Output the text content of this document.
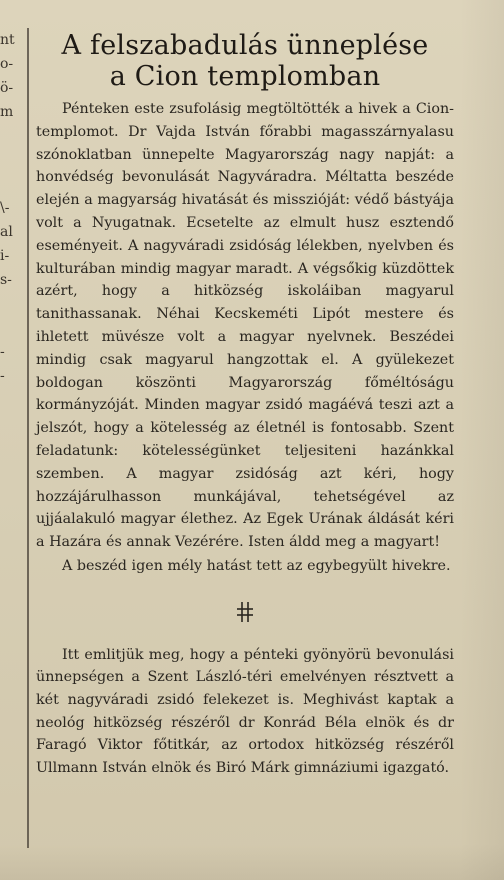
nt
o-
ö-
m
\-
al
i-
s-
-
-
A felszabadulás ünneplése
a Cion templomban

Pénteken este zsufolásig megtöltötték a hivek a Cion-templomot. Dr Vajda István főrabbi magasszárnyalasu szónoklatban ünnepelte Magyarország nagy napját: a honvédség bevonulását Nagyváradra. Méltatta beszéde elején a magyarság hivatását és misszióját: védő bástyája volt a Nyugatnak. Ecsetelte az elmult husz esztendő eseményeit. A nagyváradi zsidóság lélekben, nyelvben és kulturában mindig magyar maradt. A végsőkig küzdöttek azért, hogy a hitközség iskoláiban magyarul tanithassanak. Néhai Kecskeméti Lipót mestere és ihletett müvésze volt a magyar nyelvnek. Beszédei mindig csak magyarul hangzottak el. A gyülekezet boldogan köszönti Magyarország főméltóságu kormányzóját. Minden magyar zsidó magáévá teszi azt a jelszót, hogy a kötelesség az életnél is fontosabb. Szent feladatunk: kötelességünket teljesiteni hazánkkal szemben. A magyar zsidóság azt kéri, hogy hozzájárulhasson munkájával, tehetségével az ujjáalakuló magyar élethez. Az Egek Urának áldását kéri a Hazára és annak Vezérére. Isten áldd meg a magyart!

A beszéd igen mély hatást tett az egybegyült hivekre.

Itt emlitjük meg, hogy a pénteki gyönyörü bevonulási ünnepségen a Szent László-téri emelvényen résztvett a két nagyváradi zsidó felekezet is. Meghivást kaptak a neológ hitközség részéről dr Konrád Béla elnök és dr Faragó Viktor főtitkár, az ortodox hitközség részéről Ullmann István elnök és Biró Márk gimnáziumi igazgató.
